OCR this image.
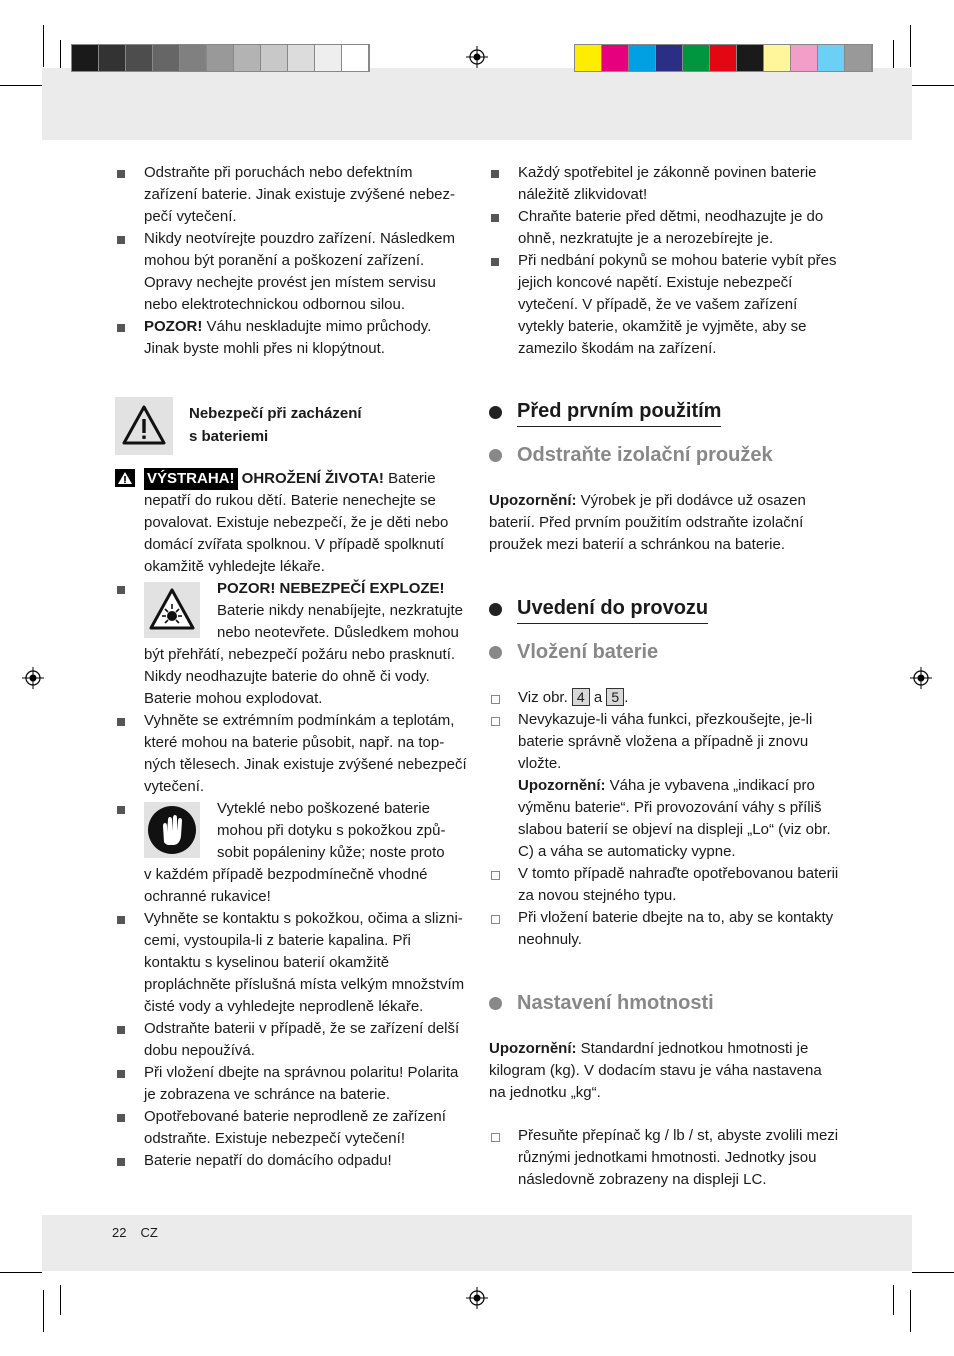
Odstraňte při poruchách nebo defektním zařízení baterie. Jinak existuje zvýšené nebezpečí vytečení.

Nikdy neotvírejte pouzdro zařízení. Následkem mohou být poranění a poškození zařízení. Opravy nechejte provést jen místem servisu nebo elektrotechnickou odbornou silou.

POZOR! Váhu neskladujte mimo průchody. Jinak byste mohli přes ni klopýtnout.

Nebezpečí při zacházení
s bateriemi

VÝSTRAHA! OHROŽENÍ ŽIVOTA! Baterie nepatří do rukou dětí. Baterie nenechejte se povalovat. Existuje nebezpečí, že je děti nebo domácí zvířata spolknou. V případě spolknutí okamžitě vyhledejte lékaře.

POZOR! NEBEZPEČÍ EXPLOZE!
Baterie nikdy nenabíjejte, nezkratujte nebo neotevřete. Důsledkem mohou
být přehřátí, nebezpečí požáru nebo prasknutí. Nikdy neodhazujte baterie do ohně či vody. Baterie mohou explodovat.

Vyhněte se extrémním podmínkám a teplotám, které mohou na baterie působit, např. na topných tělesech. Jinak existuje zvýšené nebezpečí vytečení.

Vyteklé nebo poškozené baterie mohou při dotyku s pokožkou způsobit popáleniny kůže; noste proto
v každém případě bezpodmínečně vhodné ochranné rukavice!

Vyhněte se kontaktu s pokožkou, očima a sliznicemi, vystoupila-li z baterie kapalina. Při kontaktu s kyselinou baterií okamžitě propláchněte příslušná místa velkým množstvím čisté vody a vyhledejte neprodleně lékaře.

Odstraňte baterii v případě, že se zařízení delší dobu nepoužívá.

Při vložení dbejte na správnou polaritu! Polarita je zobrazena ve schránce na baterie.

Opotřebované baterie neprodleně ze zařízení odstraňte. Existuje nebezpečí vytečení!

Baterie nepatří do domácího odpadu!

Každý spotřebitel je zákonně povinen baterie náležitě zlikvidovat!

Chraňte baterie před dětmi, neodhazujte je do ohně, nezkratujte je a nerozebírejte je.

Při nedbání pokynů se mohou baterie vybít přes jejich koncové napětí. Existuje nebezpečí vytečení. V případě, že ve vašem zařízení vytekly baterie, okamžitě je vyjměte, aby se zamezilo škodám na zařízení.

Před prvním použitím
Odstraňte izolační proužek

Upozornění: Výrobek je při dodávce už osazen baterií. Před prvním použitím odstraňte izolační proužek mezi baterií a schránkou na baterie.

Uvedení do provozu
Vložení baterie

Viz obr. 4 a 5 .

Nevykazuje-li váha funkci, přezkoušejte, je-li baterie správně vložena a případně ji znovu vložte.

Upozornění: Váha je vybavena „indikací pro výměnu baterie“. Při provozování váhy s příliš slabou baterií se objeví na displeji „Lo“ (viz obr. C) a váha se automaticky vypne.

V tomto případě nahraďte opotřebovanou baterii za novou stejného typu.

Při vložení baterie dbejte na to, aby se kontakty neohnuly.

Nastavení hmotnosti

Upozornění: Standardní jednotkou hmotnosti je kilogram (kg). V dodacím stavu je váha nastavena na jednotku „kg“.

Přesuňte přepínač kg / lb / st, abyste zvolili mezi různými jednotkami hmotnosti. Jednotky jsou následovně zobrazeny na displeji LC.

22 CZ
